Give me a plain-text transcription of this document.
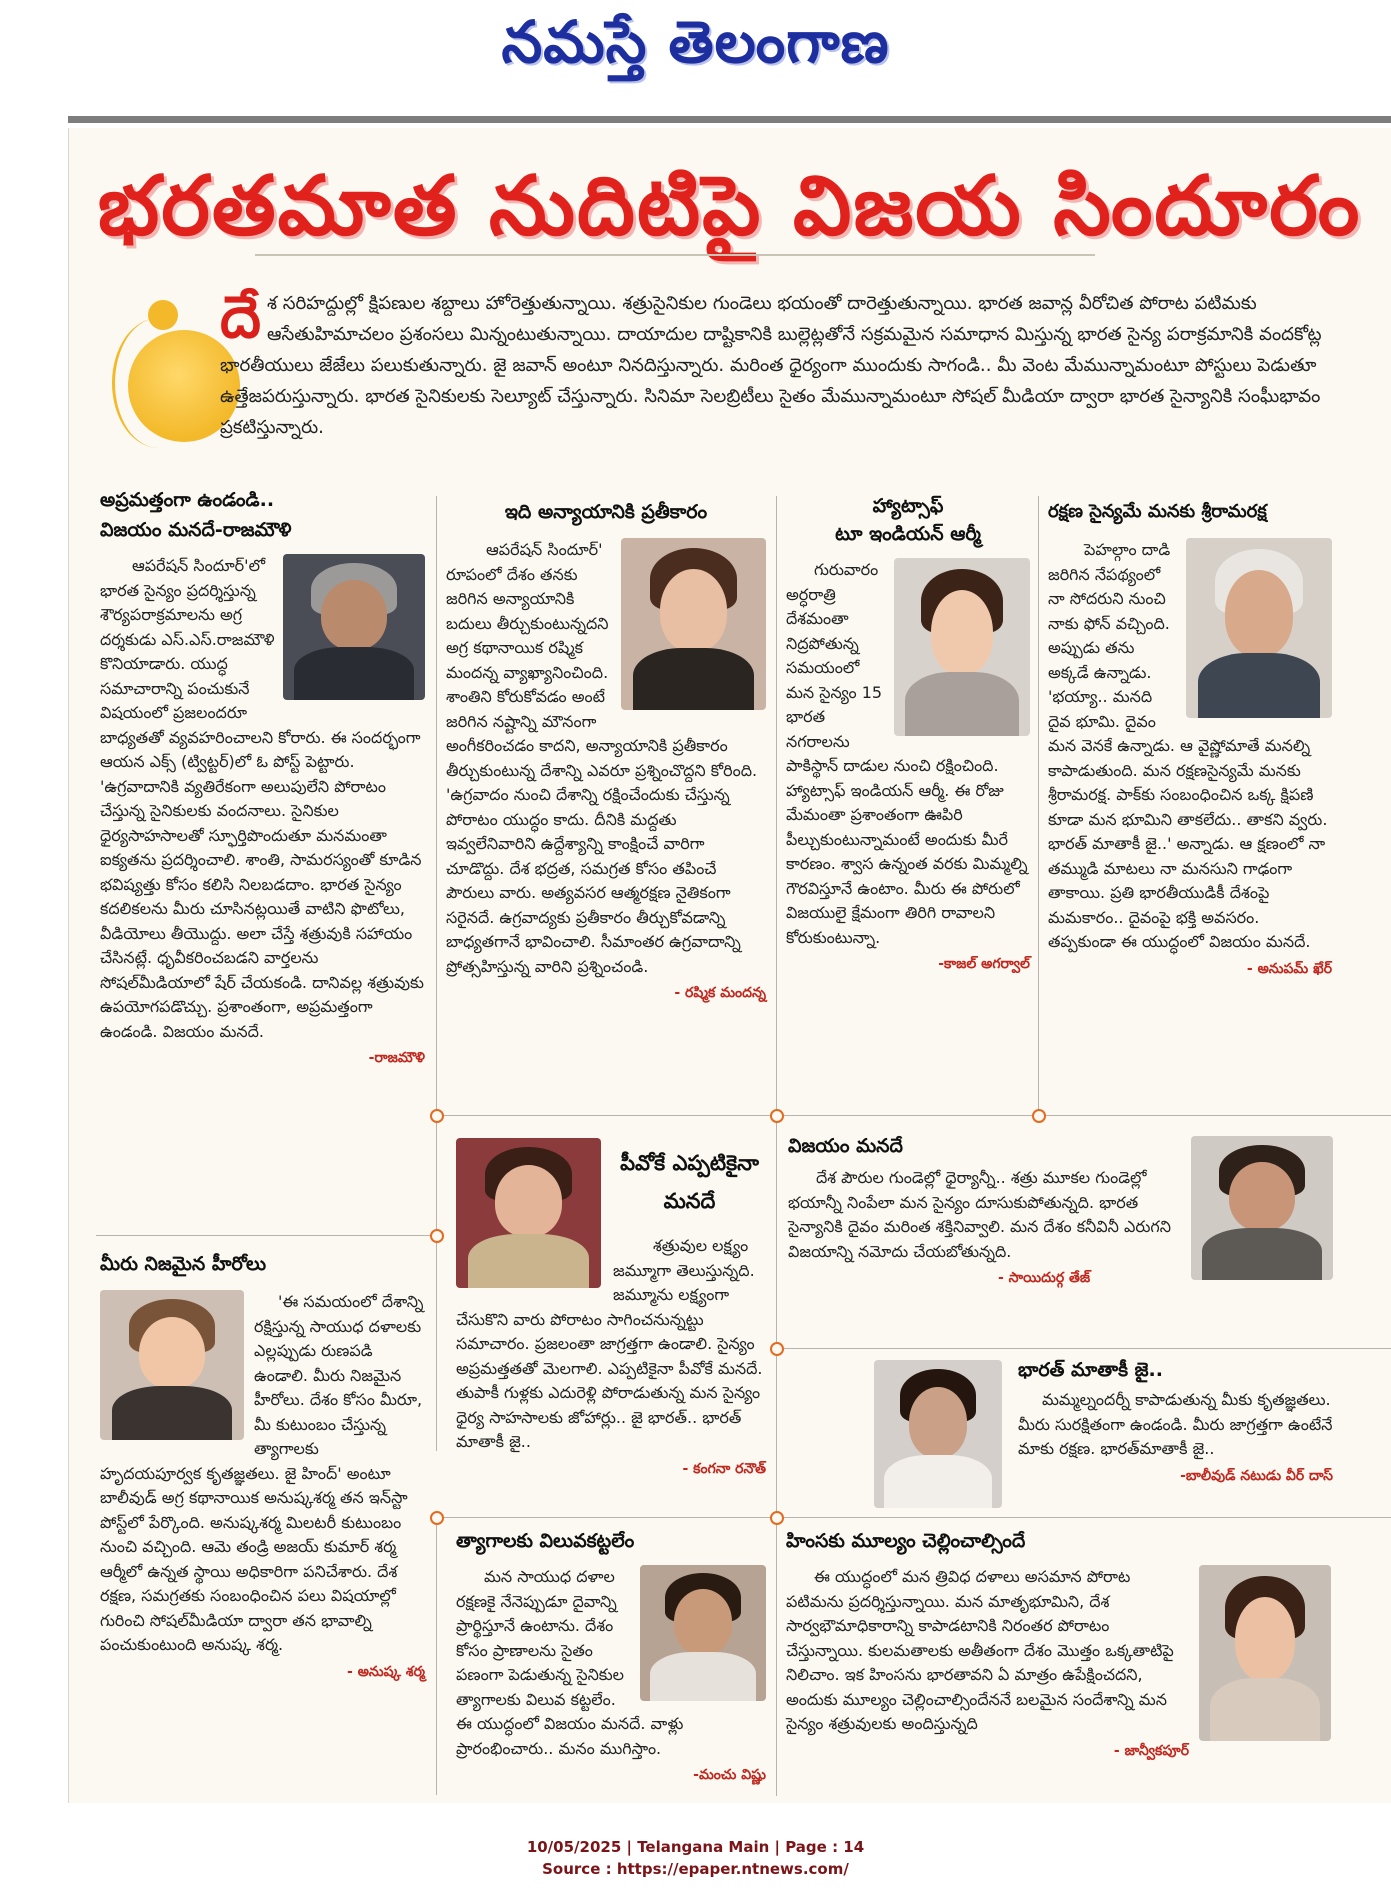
నమస్తే తెలంగాణ
భరతమాత నుదిటిపై విజయ సిందూరం
దే శ సరిహద్దుల్లో క్షిపణుల శబ్దాలు హోరెత్తుతున్నాయి. శత్రుసైనికుల గుండెలు భయంతో దారెత్తుతున్నాయి. భారత జవాన్ల వీరోచిత పోరాట పటిమకు ఆసేతుహిమాచలం ప్రశంసలు మిన్నంటుతున్నాయి. దాయాదుల దాష్టికానికి బుల్లెట్లతోనే సక్రమమైన సమాధాన మిస్తున్న భారత సైన్య పరాక్రమానికి వందకోట్ల భారతీయులు జేజేలు పలుకుతున్నారు. జై జవాన్ అంటూ నినదిస్తున్నారు. మరింత ధైర్యంగా ముందుకు సాగండి.. మీ వెంట మేమున్నామంటూ పోస్టులు పెడుతూ ఉత్తేజపరుస్తున్నారు. భారత సైనికులకు సెల్యూట్ చేస్తున్నారు. సినిమా సెలబ్రిటీలు సైతం మేమున్నామంటూ సోషల్ మీడియా ద్వారా భారత సైన్యానికి సంఘీభావం ప్రకటిస్తున్నారు.
అప్రమత్తంగా ఉండండి..
విజయం మనదే-రాజమౌళి

ఆపరేషన్ సిందూర్'లో భారత సైన్యం ప్రదర్శిస్తున్న శౌర్యపరాక్రమాలను అగ్ర దర్శకుడు ఎస్.ఎస్.రాజమౌళి కొనియాడారు. యుద్ధ సమాచారాన్ని పంచుకునే విషయంలో ప్రజలందరూ బాధ్యతతో వ్యవహరించాలని కోరారు. ఈ సందర్భంగా ఆయన ఎక్స్ (ట్విట్టర్)లో ఓ పోస్ట్ పెట్టారు. 'ఉగ్రవాదానికి వ్యతిరేకంగా అలుపులేని పోరాటం చేస్తున్న సైనికులకు వందనాలు. సైనికుల ధైర్యసాహసాలతో స్ఫూర్తిపొందుతూ మనమంతా ఐక్యతను ప్రదర్శించాలి. శాంతి, సామరస్యంతో కూడిన భవిష్యత్తు కోసం కలిసి నిలబడదాం. భారత సైన్యం కదలికలను మీరు చూసినట్లయితే వాటిని ఫొటోలు, వీడియోలు తీయొద్దు. అలా చేస్తే శత్రువుకి సహాయం చేసినట్లే. ధృవీకరించబడని వార్తలను సోషల్‌మీడియాలో షేర్ చేయకండి. దానివల్ల శత్రువుకు ఉపయోగపడొచ్చు. ప్రశాంతంగా, అప్రమత్తంగా ఉండండి. విజయం మనదే.

-రాజమౌళి
ఇది అన్యాయానికి ప్రతీకారం

ఆపరేషన్ సిందూర్' రూపంలో దేశం తనకు జరిగిన అన్యాయానికి బదులు తీర్చుకుంటున్నదని అగ్ర కథానాయిక రష్మిక మందన్న వ్యాఖ్యానించింది. శాంతిని కోరుకోవడం అంటే జరిగిన నష్టాన్ని మౌనంగా అంగీకరించడం కాదని, అన్యాయానికి ప్రతీకారం తీర్చుకుంటున్న దేశాన్ని ఎవరూ ప్రశ్నించొద్దని కోరింది. 'ఉగ్రవాదం నుంచి దేశాన్ని రక్షించేందుకు చేస్తున్న పోరాటం యుద్ధం కాదు. దీనికి మద్దతు ఇవ్వలేనివారిని ఉద్దేశ్యాన్ని కాంక్షించే వారిగా చూడొద్దు. దేశ భద్రత, సమగ్రత కోసం తపించే పౌరులు వారు. అత్యవసర ఆత్మరక్షణ నైతికంగా సరైనదే. ఉగ్రవాద్యకు ప్రతీకారం తీర్చుకోవడాన్ని బాధ్యతగానే భావించాలి. సీమాంతర ఉగ్రవాదాన్ని ప్రోత్సహిస్తున్న వారిని ప్రశ్నించండి.

- రష్మిక మందన్న
హ్యాట్సాఫ్
టూ ఇండియన్ ఆర్మీ

గురువారం అర్ధరాత్రి దేశమంతా నిద్రపోతున్న సమయంలో మన సైన్యం 15 భారత నగరాలను పాకిస్థాన్ దాడుల నుంచి రక్షించింది. హ్యాట్సాఫ్ ఇండియన్ ఆర్మీ. ఈ రోజు మేమంతా ప్రశాంతంగా ఊపిరి పీల్చుకుంటున్నామంటే అందుకు మీరే కారణం. శ్వాస ఉన్నంత వరకు మిమ్మల్ని గౌరవిస్తూనే ఉంటాం. మీరు ఈ పోరులో విజయులై క్షేమంగా తిరిగి రావాలని కోరుకుంటున్నా.

-కాజల్ అగర్వాల్
రక్షణ సైన్యమే మనకు శ్రీరామరక్ష

పెహల్గాం దాడి జరిగిన నేపథ్యంలో నా సోదరుని నుంచి నాకు ఫోన్ వచ్చింది. అప్పుడు తను అక్కడే ఉన్నాడు. 'భయ్యా.. మనది దైవ భూమి. దైవం మన వెనకే ఉన్నాడు. ఆ వైష్ణోమాతే మనల్ని కాపాడుతుంది. మన రక్షణసైన్యమే మనకు శ్రీరామరక్ష. పాక్‌కు సంబంధించిన ఒక్క క్షిపణి కూడా మన భూమిని తాకలేదు.. తాకని వ్వరు. భారత్ మాతాకీ జై..' అన్నాడు. ఆ క్షణంలో నా తమ్ముడి మాటలు నా మనసుని గాఢంగా తాకాయి. ప్రతి భారతీయుడికీ దేశంపై మమకారం.. దైవంపై భక్తి అవసరం. తప్పకుండా ఈ యుద్ధంలో విజయం మనదే.

- అనుపమ్ ఖేర్
పీవోకే ఎప్పటికైనా మనదే

శత్రువుల లక్ష్యం జమ్మూగా తెలుస్తున్నది. జమ్మూను లక్ష్యంగా చేసుకొని వారు పోరాటం సాగించనున్నట్టు సమాచారం. ప్రజలంతా జాగ్రత్తగా ఉండాలి. సైన్యం అప్రమత్తతతో మెలగాలి. ఎప్పటికైనా పీవోకే మనదే. తుపాకీ గుళ్లకు ఎదురెళ్లి పోరాడుతున్న మన సైన్యం ధైర్య సాహసాలకు జోహార్లు.. జై భారత్.. భారత్ మాతాకీ జై..

- కంగనా రనౌత్
విజయం మనదే

దేశ పౌరుల గుండెల్లో ధైర్యాన్నీ.. శత్రు మూకల గుండెల్లో భయాన్నీ నింపేలా మన సైన్యం దూసుకుపోతున్నది. భారత సైన్యానికి దైవం మరింత శక్తినివ్వాలి. మన దేశం కనీవినీ ఎరుగని విజయాన్ని నమోదు చేయబోతున్నది.

- సాయిదుర్గ తేజ్
భారత్ మాతాకీ జై..

మమ్మల్నందర్నీ కాపాడుతున్న మీకు కృతజ్ఞతలు. మీరు సురక్షితంగా ఉండండి. మీరు జాగ్రత్తగా ఉంటేనే మాకు రక్షణ. భారత్‌మాతాకీ జై..

-బాలీవుడ్ నటుడు వీర్ దాస్
మీరు నిజమైన హీరోలు

'ఈ సమయంలో దేశాన్ని రక్షిస్తున్న సాయుధ దళాలకు ఎల్లప్పుడు రుణపడి ఉండాలి. మీరు నిజమైన హీరోలు. దేశం కోసం మీరూ, మీ కుటుంబం చేస్తున్న త్యాగాలకు హృదయపూర్వక కృతజ్ఞతలు. జై హింద్' అంటూ బాలీవుడ్ అగ్ర కథానాయిక అనుష్కశర్మ తన ఇన్‌స్టా పోస్ట్‌లో పేర్కొంది. అనుష్కశర్మ మిలటరీ కుటుంబం నుంచి వచ్చింది. ఆమె తండ్రి అజయ్ కుమార్ శర్మ ఆర్మీలో ఉన్నత స్థాయి అధికారిగా పనిచేశారు. దేశ రక్షణ, సమగ్రతకు సంబంధించిన పలు విషయాల్లో గురించి సోషల్‌మీడియా ద్వారా తన భావాల్ని పంచుకుంటుంది అనుష్క శర్మ.

- అనుష్క శర్మ
త్యాగాలకు విలువకట్టలేం

మన సాయుధ దళాల రక్షణకై నేనెప్పుడూ దైవాన్ని ప్రార్థిస్తూనే ఉంటాను. దేశం కోసం ప్రాణాలను సైతం పణంగా పెడుతున్న సైనికుల త్యాగాలకు విలువ కట్టలేం. ఈ యుద్ధంలో విజయం మనదే. వాళ్లు ప్రారంభించారు.. మనం ముగిస్తాం.

-మంచు విష్ణు
హింసకు మూల్యం చెల్లించాల్సిందే

ఈ యుద్ధంలో మన త్రివిధ దళాలు అసమాన పోరాట పటిమను ప్రదర్శిస్తున్నాయి. మన మాతృభూమిని, దేశ సార్వభౌమాధికారాన్ని కాపాడటానికి నిరంతర పోరాటం చేస్తున్నాయి. కులమతాలకు అతీతంగా దేశం మొత్తం ఒక్కతాటిపై నిలిచాం. ఇక హింసను భారతావని ఏ మాత్రం ఉపేక్షించదని, అందుకు మూల్యం చెల్లించాల్సిందేననే బలమైన సందేశాన్ని మన సైన్యం శత్రువులకు అందిస్తున్నది

- జాన్వీకపూర్
10/05/2025 | Telangana Main | Page : 14
Source : https://epaper.ntnews.com/
